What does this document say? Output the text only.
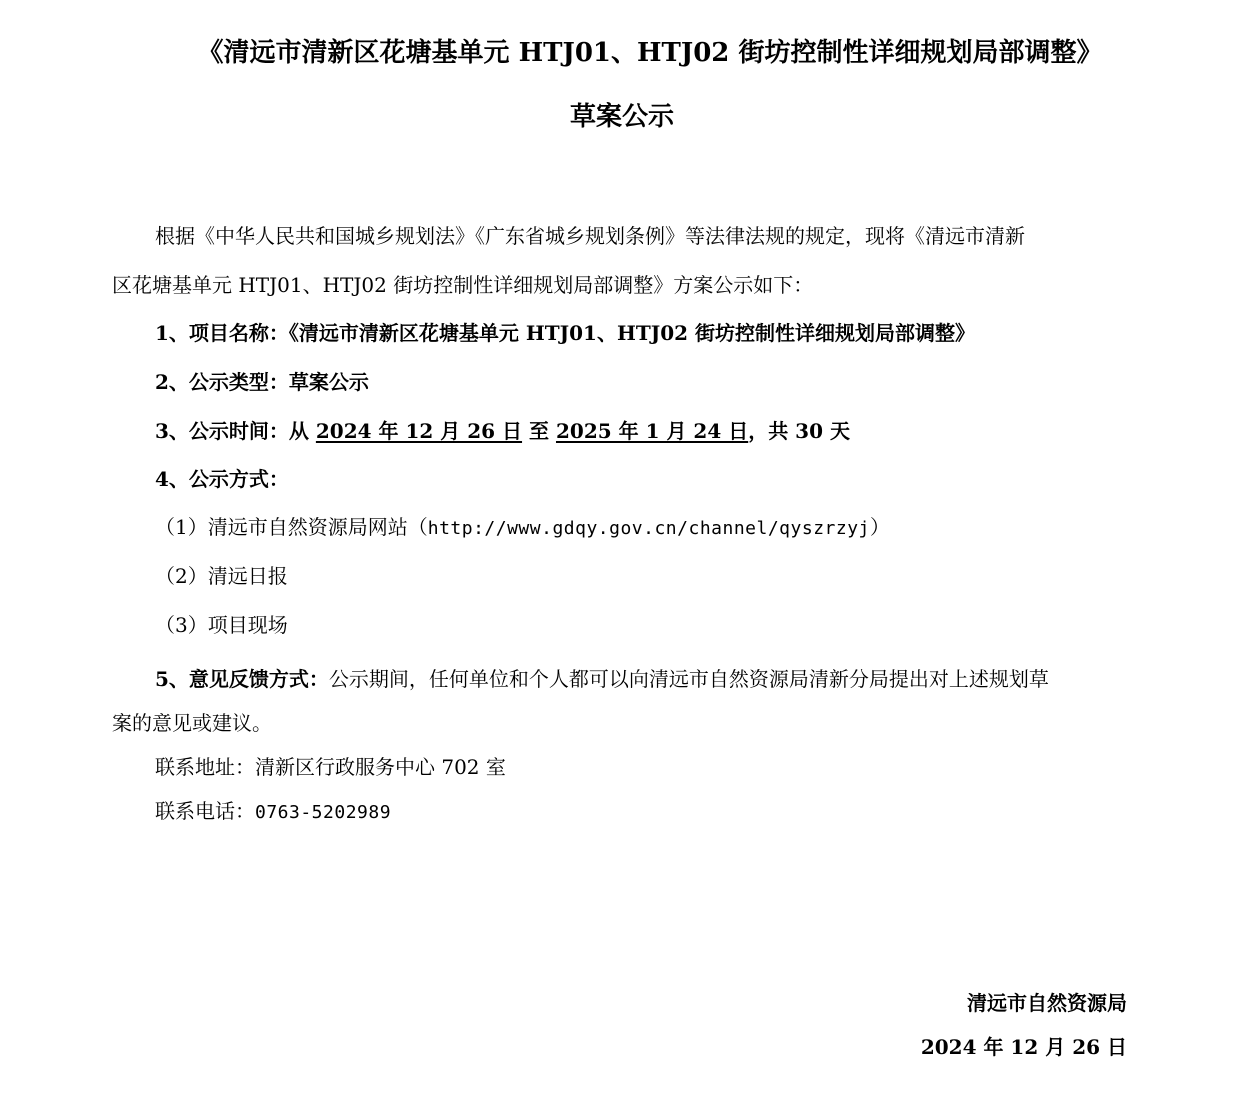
《清远市清新区花塘基单元 HTJ01、HTJ02 街坊控制性详细规划局部调整》
草案公示
根据《中华人民共和国城乡规划法》《广东省城乡规划条例》等法律法规的规定，现将《清远市清新
区花塘基单元 HTJ01、HTJ02 街坊控制性详细规划局部调整》方案公示如下：
1、项目名称：《清远市清新区花塘基单元 HTJ01、HTJ02 街坊控制性详细规划局部调整》
2、公示类型：草案公示
3、公示时间：从 2024 年 12 月 26 日 至 2025 年 1 月 24 日，共 30 天
4、公示方式：
（1）清远市自然资源局网站（http://www.gdqy.gov.cn/channel/qyszrzyj）
（2）清远日报
（3）项目现场
5、意见反馈方式：公示期间，任何单位和个人都可以向清远市自然资源局清新分局提出对上述规划草
案的意见或建议。
联系地址：清新区行政服务中心 702 室
联系电话：0763-5202989
清远市自然资源局
2024 年 12 月 26 日
